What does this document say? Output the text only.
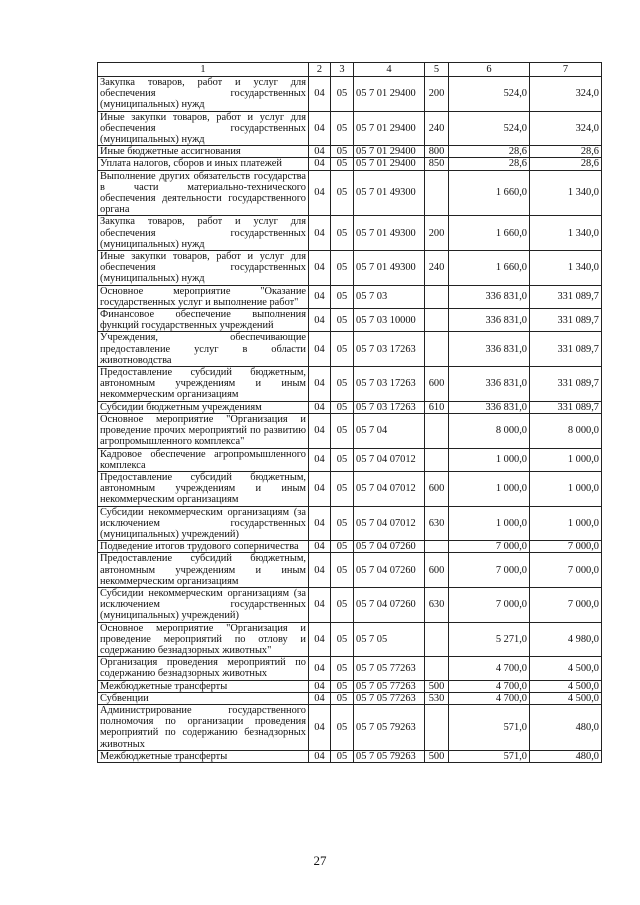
1	2	3	4	5	6	7
Закупка товаров, работ и услуг для обеспечения государственных (муниципальных) нужд	04	05	05 7 01 29400	200	524,0	324,0
Иные закупки товаров, работ и услуг для обеспечения государственных (муниципальных) нужд	04	05	05 7 01 29400	240	524,0	324,0
Иные бюджетные ассигнования	04	05	05 7 01 29400	800	28,6	28,6
Уплата налогов, сборов и иных платежей	04	05	05 7 01 29400	850	28,6	28,6
Выполнение других обязательств государства в части материально-технического обеспечения деятельности государственного органа	04	05	05 7 01 49300		1 660,0	1 340,0
Закупка товаров, работ и услуг для обеспечения государственных (муниципальных) нужд	04	05	05 7 01 49300	200	1 660,0	1 340,0
Иные закупки товаров, работ и услуг для обеспечения государственных (муниципальных) нужд	04	05	05 7 01 49300	240	1 660,0	1 340,0
Основное мероприятие "Оказание государственных услуг и выполнение работ"	04	05	05 7 03		336 831,0	331 089,7
Финансовое обеспечение выполнения функций государственных учреждений	04	05	05 7 03 10000		336 831,0	331 089,7
Учреждения, обеспечивающие предоставление услуг в области животноводства	04	05	05 7 03 17263		336 831,0	331 089,7
Предоставление субсидий бюджетным, автономным учреждениям и иным некоммерческим организациям	04	05	05 7 03 17263	600	336 831,0	331 089,7
Субсидии бюджетным учреждениям	04	05	05 7 03 17263	610	336 831,0	331 089,7
Основное мероприятие "Организация и проведение прочих мероприятий по развитию агропромышленного комплекса"	04	05	05 7 04		8 000,0	8 000,0
Кадровое обеспечение агропромышленного комплекса	04	05	05 7 04 07012		1 000,0	1 000,0
Предоставление субсидий бюджетным, автономным учреждениям и иным некоммерческим организациям	04	05	05 7 04 07012	600	1 000,0	1 000,0
Субсидии некоммерческим организациям (за исключением государственных (муниципальных) учреждений)	04	05	05 7 04 07012	630	1 000,0	1 000,0
Подведение итогов трудового соперничества	04	05	05 7 04 07260		7 000,0	7 000,0
Предоставление субсидий бюджетным, автономным учреждениям и иным некоммерческим организациям	04	05	05 7 04 07260	600	7 000,0	7 000,0
Субсидии некоммерческим организациям (за исключением государственных (муниципальных) учреждений)	04	05	05 7 04 07260	630	7 000,0	7 000,0
Основное мероприятие "Организация и проведение мероприятий по отлову и содержанию безнадзорных животных"	04	05	05 7 05		5 271,0	4 980,0
Организация проведения мероприятий по содержанию безнадзорных животных	04	05	05 7 05 77263		4 700,0	4 500,0
Межбюджетные трансферты	04	05	05 7 05 77263	500	4 700,0	4 500,0
Субвенции	04	05	05 7 05 77263	530	4 700,0	4 500,0
Администрирование государственного полномочия по организации проведения мероприятий по содержанию безнадзорных животных	04	05	05 7 05 79263		571,0	480,0
Межбюджетные трансферты	04	05	05 7 05 79263	500	571,0	480,0
27
